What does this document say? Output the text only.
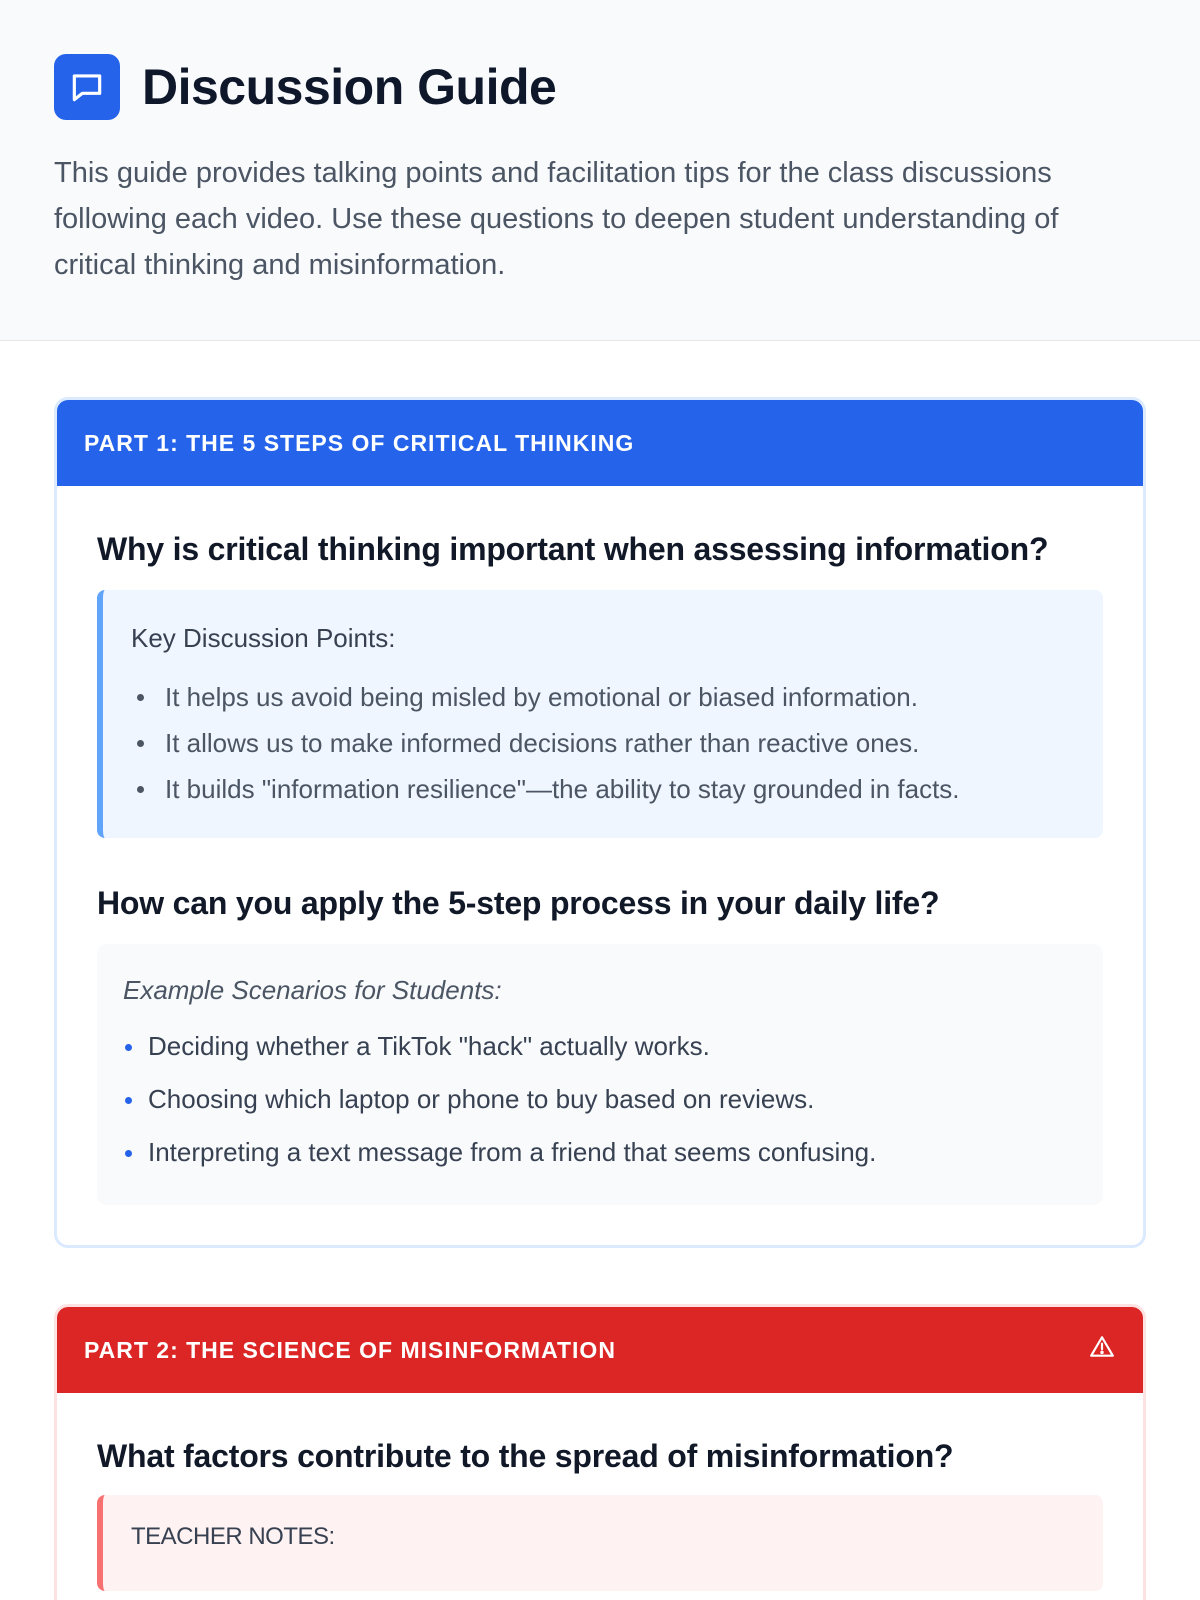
Discussion Guide

This guide provides talking points and facilitation tips for the class discussions following each video. Use these questions to deepen student understanding of critical thinking and misinformation.

PART 1: THE 5 STEPS OF CRITICAL THINKING
Why is critical thinking important when assessing information?
Key Discussion Points:
It helps us avoid being misled by emotional or biased information.
It allows us to make informed decisions rather than reactive ones.
It builds "information resilience"—the ability to stay grounded in facts.
How can you apply the 5-step process in your daily life?
Example Scenarios for Students:
Deciding whether a TikTok "hack" actually works.
Choosing which laptop or phone to buy based on reviews.
Interpreting a text message from a friend that seems confusing.
PART 2: THE SCIENCE OF MISINFORMATION
What factors contribute to the spread of misinformation?
TEACHER NOTES:
